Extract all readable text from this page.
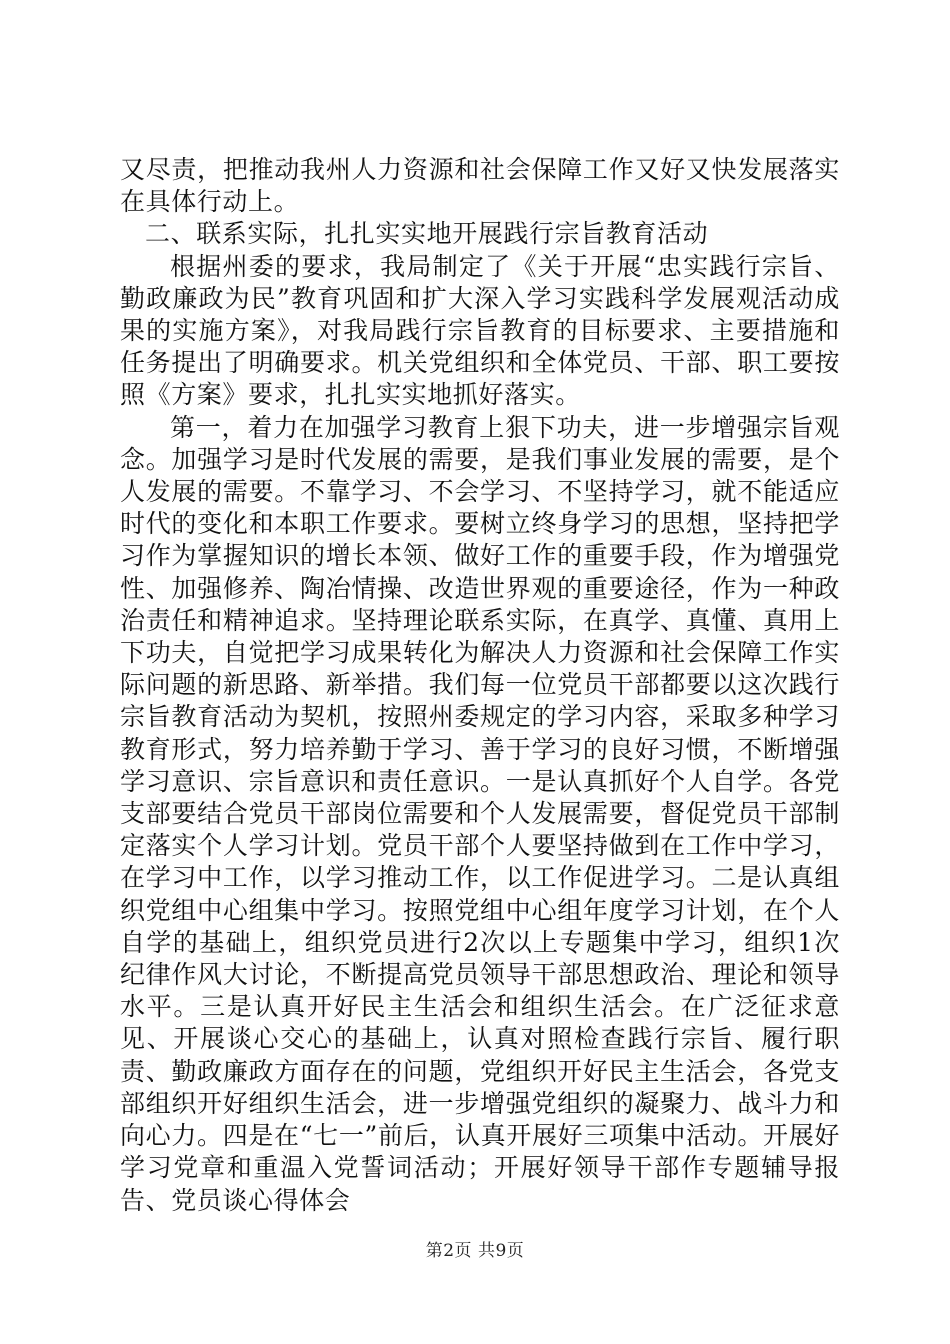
又尽责，把推动我州人力资源和社会保障工作又好又快发展落实在具体行动上。

二、联系实际，扎扎实实地开展践行宗旨教育活动

根据州委的要求，我局制定了《关于开展“忠实践行宗旨、勤政廉政为民”教育巩固和扩大深入学习实践科学发展观活动成果的实施方案》，对我局践行宗旨教育的目标要求、主要措施和任务提出了明确要求。机关党组织和全体党员、干部、职工要按照《方案》要求，扎扎实实地抓好落实。

第一，着力在加强学习教育上狠下功夫，进一步增强宗旨观念。加强学习是时代发展的需要，是我们事业发展的需要，是个人发展的需要。不靠学习、不会学习、不坚持学习，就不能适应时代的变化和本职工作要求。要树立终身学习的思想，坚持把学习作为掌握知识的增长本领、做好工作的重要手段，作为增强党性、加强修养、陶冶情操、改造世界观的重要途径，作为一种政治责任和精神追求。坚持理论联系实际，在真学、真懂、真用上下功夫，自觉把学习成果转化为解决人力资源和社会保障工作实际问题的新思路、新举措。我们每一位党员干部都要以这次践行宗旨教育活动为契机，按照州委规定的学习内容，采取多种学习教育形式，努力培养勤于学习、善于学习的良好习惯，不断增强学习意识、宗旨意识和责任意识。一是认真抓好个人自学。各党支部要结合党员干部岗位需要和个人发展需要，督促党员干部制定落实个人学习计划。党员干部个人要坚持做到在工作中学习，在学习中工作，以学习推动工作，以工作促进学习。二是认真组织党组中心组集中学习。按照党组中心组年度学习计划，在个人自学的基础上，组织党员进行2次以上专题集中学习，组织1次纪律作风大讨论，不断提高党员领导干部思想政治、理论和领导水平。三是认真开好民主生活会和组织生活会。在广泛征求意见、开展谈心交心的基础上，认真对照检查践行宗旨、履行职责、勤政廉政方面存在的问题，党组织开好民主生活会，各党支部组织开好组织生活会，进一步增强党组织的凝聚力、战斗力和向心力。四是在“七一”前后，认真开展好三项集中活动。开展好学习党章和重温入党誓词活动；开展好领导干部作专题辅导报告、党员谈心得体会

第2页 共9页
